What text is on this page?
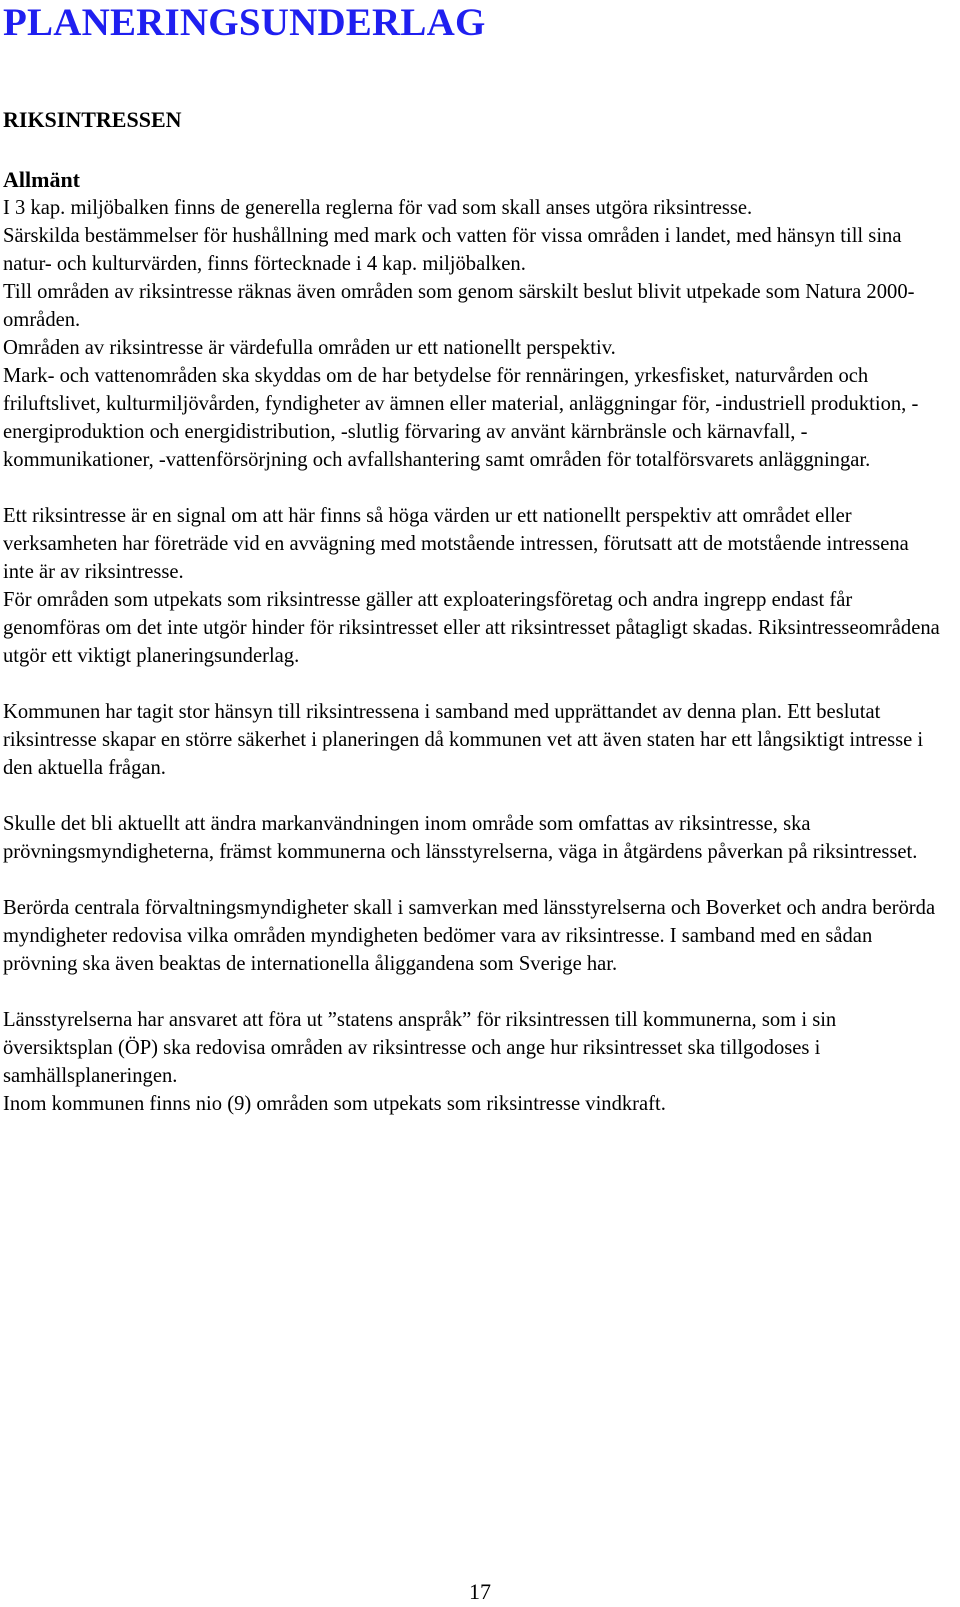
PLANERINGSUNDERLAG
RIKSINTRESSEN
Allmänt

I 3 kap. miljöbalken finns de generella reglerna för vad som skall anses utgöra riksintresse.

Särskilda bestämmelser för hushållning med mark och vatten för vissa områden i landet, med hänsyn till sina natur- och kulturvärden, finns förtecknade i 4 kap. miljöbalken.

Till områden av riksintresse räknas även områden som genom särskilt beslut blivit utpekade som Natura 2000-områden.

Områden av riksintresse är värdefulla områden ur ett nationellt perspektiv.

Mark- och vattenområden ska skyddas om de har betydelse för rennäringen, yrkesfisket, naturvården och friluftslivet, kulturmiljövården, fyndigheter av ämnen eller material, anläggningar för, -industriell produktion, -energiproduktion och energidistribution, -slutlig förvaring av använt kärnbränsle och kärnavfall, -kommunikationer, -vattenförsörjning och avfallshantering samt områden för totalförsvarets anläggningar.

Ett riksintresse är en signal om att här finns så höga värden ur ett nationellt perspektiv att området eller verksamheten har företräde vid en avvägning med motstående intressen, förutsatt att de motstående intressena inte är av riksintresse.

För områden som utpekats som riksintresse gäller att exploateringsföretag och andra ingrepp endast får genomföras om det inte utgör hinder för riksintresset eller att riksintresset påtagligt skadas. Riksintresseområdena utgör ett viktigt planeringsunderlag.

Kommunen har tagit stor hänsyn till riksintressena i samband med upprättandet av denna plan. Ett beslutat riksintresse skapar en större säkerhet i planeringen då kommunen vet att även staten har ett långsiktigt intresse i den aktuella frågan.

Skulle det bli aktuellt att ändra markanvändningen inom område som omfattas av riksintresse, ska prövningsmyndigheterna, främst kommunerna och länsstyrelserna, väga in åtgärdens påverkan på riksintresset.

Berörda centrala förvaltningsmyndigheter skall i samverkan med länsstyrelserna och Boverket och andra berörda myndigheter redovisa vilka områden myndigheten bedömer vara av riksintresse. I samband med en sådan prövning ska även beaktas de internationella åliggandena som Sverige har.

Länsstyrelserna har ansvaret att föra ut ”statens anspråk” för riksintressen till kommunerna, som i sin översiktsplan (ÖP) ska redovisa områden av riksintresse och ange hur riksintresset ska tillgodoses i samhällsplaneringen.

Inom kommunen finns nio (9) områden som utpekats som riksintresse vindkraft.

17
